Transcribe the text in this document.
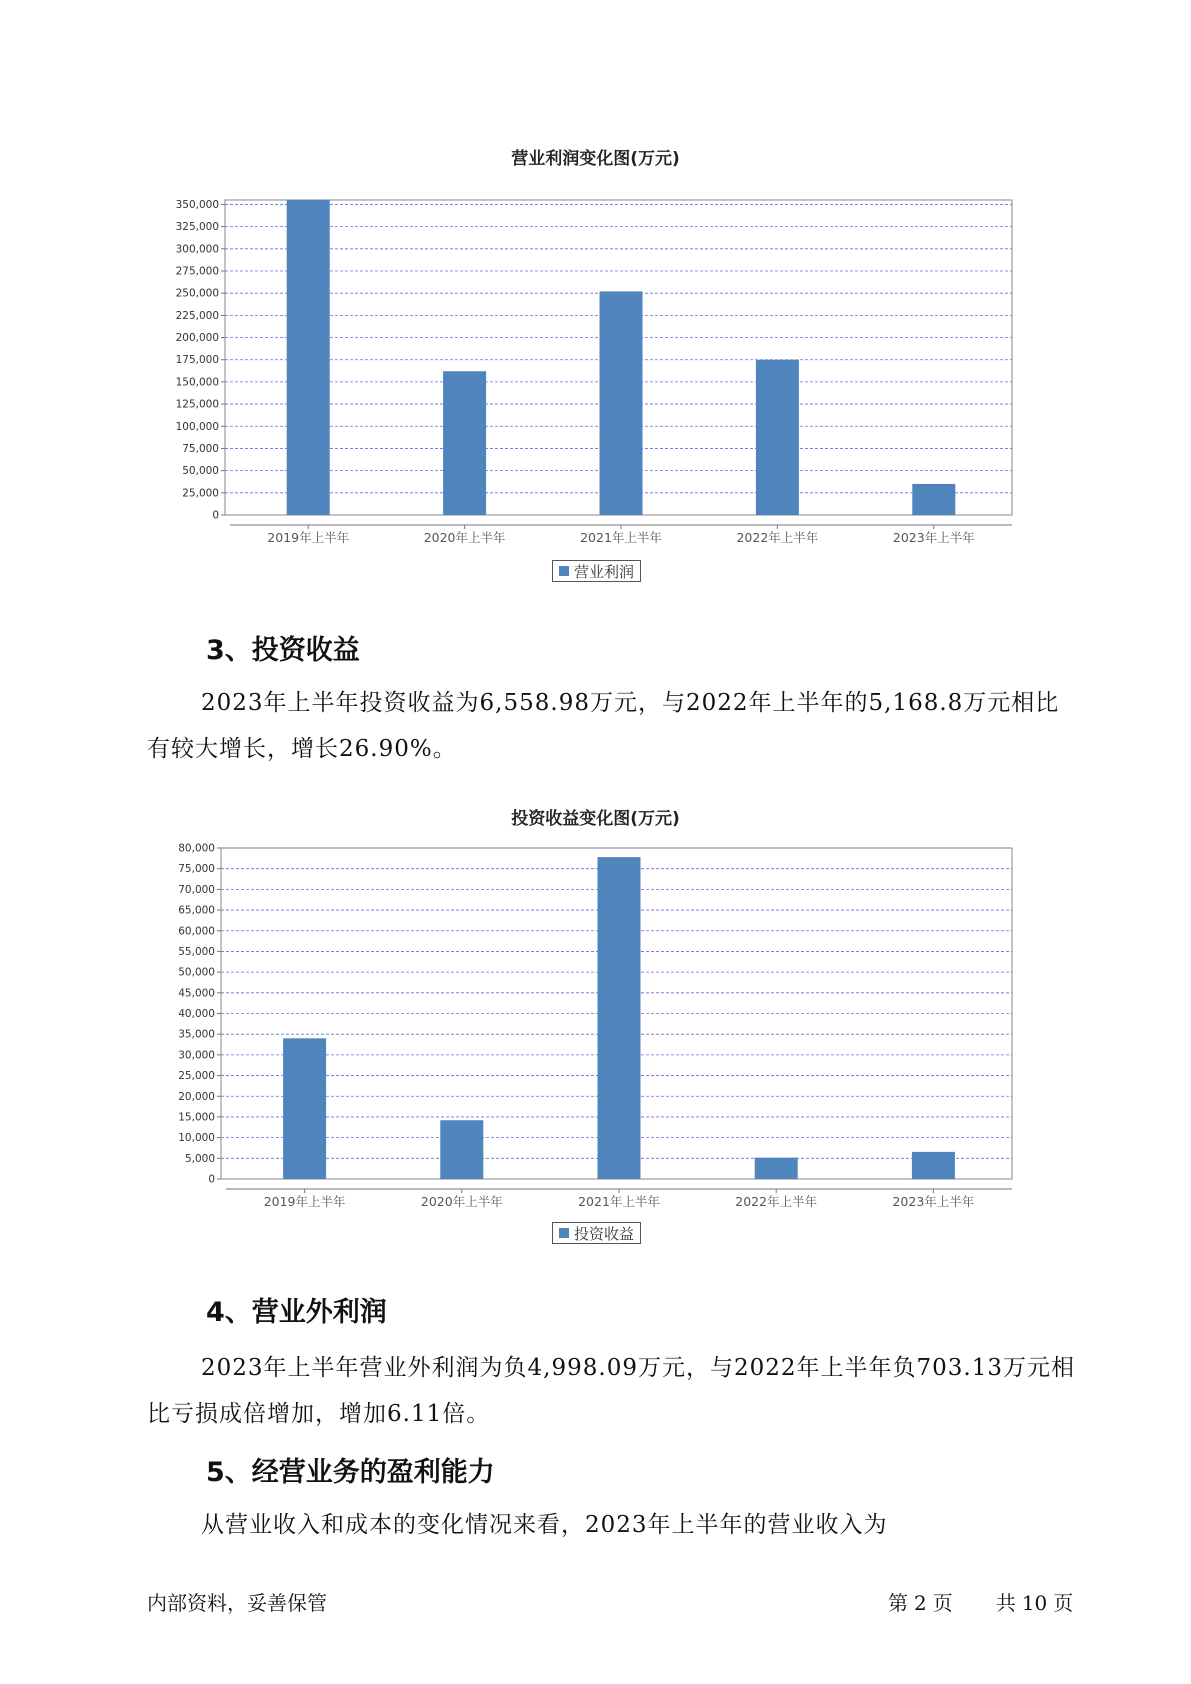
营业利润变化图(万元)
0
25,000
50,000
75,000
100,000
125,000
150,000
175,000
200,000
225,000
250,000
275,000
300,000
325,000
350,000
2019年上半年	2020年上半年	2021年上半年	2022年上半年	2023年上半年
营业利润
3、投资收益
2023年上半年投资收益为6,558.98万元，与2022年上半年的5,168.8万元相比有较大增长，增长26.90%。
投资收益变化图(万元)
0
5,000
10,000
15,000
20,000
25,000
30,000
35,000
40,000
45,000
50,000
55,000
60,000
65,000
70,000
75,000
80,000
2019年上半年	2020年上半年	2021年上半年	2022年上半年	2023年上半年
投资收益
4、营业外利润
2023年上半年营业外利润为负4,998.09万元，与2022年上半年负703.13万元相比亏损成倍增加，增加6.11倍。
5、经营业务的盈利能力
从营业收入和成本的变化情况来看，2023年上半年的营业收入为
内部资料，妥善保管	第 2 页 共 10 页
